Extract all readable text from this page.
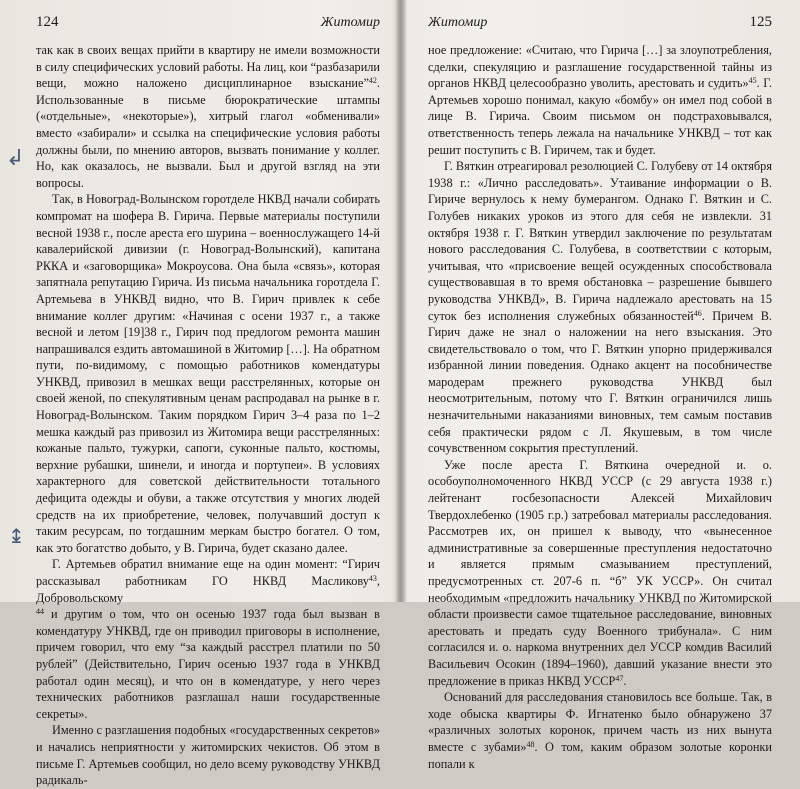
124	Житомир

так как в своих вещах прийти в квартиру не имели возможности в силу специфических условий работы. На лиц, кои “разбазарили вещи, можно наложено дисциплинарное взыскание”$^{42}$. Использованные в письме бюрократические штампы («отдельные», «некоторые»), хитрый глагол «обменивали» вместо «забирали» и ссылка на специфические условия работы должны были, по мнению авторов, вызвать понимание у коллег. Но, как оказалось, не вызвали. Был и другой взгляд на эти вопросы.

Так, в Новоград-Волынском горотделе НКВД начали собирать компромат на шофера В. Гирича. Первые материалы поступили весной 1938 г., после ареста его шурина – военнослужащего 14-й кавалерийской дивизии (г. Новоград-Волынский), капитана РККА и «заговорщика» Мокроусова. Она была «связь», которая запятнала репутацию Гирича. Из письма начальника горотдела Г. Артемьева в УНКВД видно, что В. Гирич привлек к себе внимание коллег другим: «Начиная с осени 1937 г., а также весной и летом [19]38 г., Гирич под предлогом ремонта машин напрашивался ездить автомашиной в Житомир […]. На обратном пути, по-видимому, с помощью работников комендатуры УНКВД, привозил в мешках вещи расстрелянных, которые он своей женой, по спекулятивным ценам распродавал на рынке в г. Новоград-Волынском. Таким порядком Гирич 3–4 раза по 1–2 мешка каждый раз привозил из Житомира вещи расстрелянных: кожаные пальто, тужурки, сапоги, суконные пальто, костюмы, верхние рубашки, шинели, и иногда и портупеи». В условиях характерного для советской действительности тотального дефицита одежды и обуви, а также отсутствия у многих людей средств на их приобретение, человек, получавший доступ к таким ресурсам, по тогдашним меркам быстро богател. О том, как это богатство добыто, у В. Гирича, будет сказано далее.

Г. Артемьев обратил внимание еще на один момент: “Гирич рассказывал работникам ГО НКВД Масликову$^{43}$, Добровольскому

$^{44}$ и другим о том, что он осенью 1937 года был вызван в комендатуру УНКВД, где он приводил приговоры в исполнение, причем говорил, что ему “за каждый расстрел платили по 50 рублей” (Действительно, Гирич осенью 1937 года в УНКВД работал один месяц), и что он в комендатуре, у него через технических работников разглашал наши государственные секреты».

Именно с разглашения подобных «государственных секретов» и начались неприятности у житомирских чекистов. Об этом в письме Г. Артемьев сообщил, но дело всему руководству УНКВД радикаль-

Житомир	125

ное предложение: «Считаю, что Гирича […] за злоупотребления, сделки, спекуляцию и разглашение государственной тайны из органов НКВД целесообразно уволить, арестовать и судить»$^{45}$. Г. Артемьев хорошо понимал, какую «бомбу» он имел под собой в лице В. Гирича. Своим письмом он подстраховывался, ответственность теперь лежала на начальнике УНКВД – тот как решит поступить с В. Гиричем, так и будет.

Г. Вяткин отреагировал резолюцией С. Голубеву от 14 октября 1938 г.: «Лично расследовать». Утаивание информации о В. Гириче вернулось к нему бумерангом. Однако Г. Вяткин и С. Голубев никаких уроков из этого для себя не извлекли. 31 октября 1938 г. Г. Вяткин утвердил заключение по результатам нового расследования С. Голубева, в соответствии с которым, учитывая, что «присвоение вещей осужденных способствовала существовавшая в то время обстановка – разрешение бывшего руководства УНКВД», В. Гирича надлежало арестовать на 15 суток без исполнения служебных обязанностей$^{46}$. Причем В. Гирич даже не знал о наложении на него взыскания. Это свидетельствовало о том, что Г. Вяткин упорно придерживался избранной линии поведения. Однако акцент на пособничестве мародерам прежнего руководства УНКВД был неосмотрительным, потому что Г. Вяткин ограничился лишь незначительными наказаниями виновных, тем самым поставив себя практически рядом с Л. Якушевым, в том числе сочувственном сокрытия преступлений.

Уже после ареста Г. Вяткина очередной и. о. особоуполномоченного НКВД УССР (с 29 августа 1938 г.) лейтенант госбезопасности Алексей Михайлович Твердохлебенко (1905 г.р.) затребовал материалы расследования. Рассмотрев их, он пришел к выводу, что «вынесенное административные за совершенные преступления недостаточно и является прямым смазыванием преступлений, предусмотренных ст. 207-6 п. “б” УК УССР». Он считал необходимым «предложить начальнику УНКВД по Житомирской области произвести самое тщательное расследование, виновных арестовать и предать суду Военного трибунала». С ним согласился и. о. наркома внутренних дел УССР комдив Василий Васильевич Осокин (1894–1960), давший указание внести это предложение в приказ НКВД УССР$^{47}$.

Оснований для расследования становилось все больше. Так, в ходе обыска квартиры Ф. Игнатенко было обнаружено 37 «различных золотых коронок, причем часть из них вынута вместе с зубами»$^{48}$. О том, каким образом золотые коронки попали к

↲
↨
